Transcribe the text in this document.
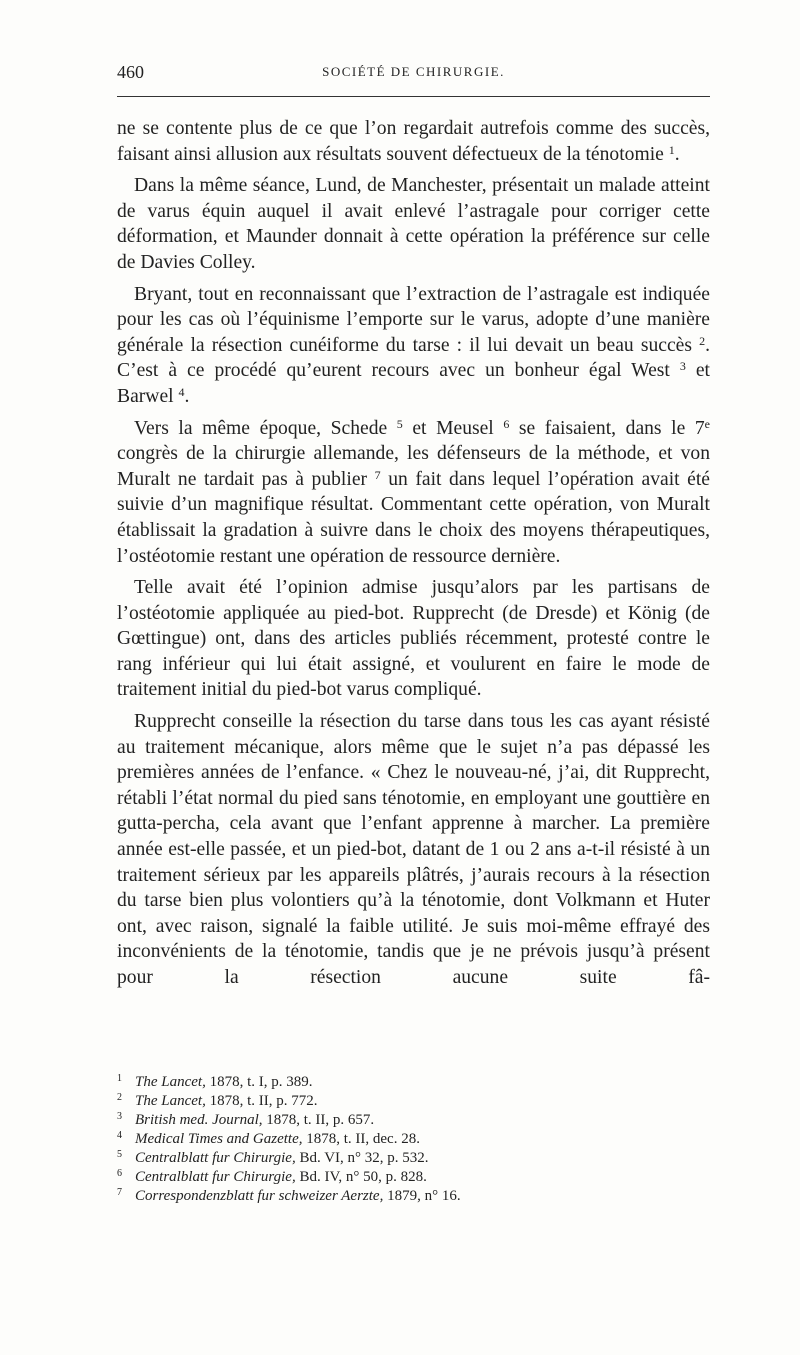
460	SOCIÉTÉ DE CHIRURGIE.

ne se contente plus de ce que l’on regardait autrefois comme des succès, faisant ainsi allusion aux résultats souvent défectueux de la ténotomie $^1$.

Dans la même séance, Lund, de Manchester, présentait un malade atteint de varus équin auquel il avait enlevé l’astragale pour corriger cette déformation, et Maunder donnait à cette opération la préférence sur celle de Davies Colley.

Bryant, tout en reconnaissant que l’extraction de l’astragale est indiquée pour les cas où l’équinisme l’emporte sur le varus, adopte d’une manière générale la résection cunéiforme du tarse : il lui devait un beau succès $^2$. C’est à ce procédé qu’eurent recours avec un bonheur égal West $^3$ et Barwel $^4$.

Vers la même époque, Schede $^5$ et Meusel $^6$ se faisaient, dans le 7e congrès de la chirurgie allemande, les défenseurs de la méthode, et von Muralt ne tardait pas à publier $^7$ un fait dans lequel l’opération avait été suivie d’un magnifique résultat. Commentant cette opération, von Muralt établissait la gradation à suivre dans le choix des moyens thérapeutiques, l’ostéotomie restant une opération de ressource dernière.

Telle avait été l’opinion admise jusqu’alors par les partisans de l’ostéotomie appliquée au pied-bot. Rupprecht (de Dresde) et König (de Gœttingue) ont, dans des articles publiés récemment, protesté contre le rang inférieur qui lui était assigné, et voulurent en faire le mode de traitement initial du pied-bot varus compliqué.

Rupprecht conseille la résection du tarse dans tous les cas ayant résisté au traitement mécanique, alors même que le sujet n’a pas dépassé les premières années de l’enfance. « Chez le nouveau-né, j’ai, dit Rupprecht, rétabli l’état normal du pied sans ténotomie, en employant une gouttière en gutta-percha, cela avant que l’enfant apprenne à marcher. La première année est-elle passée, et un pied-bot, datant de 1 ou 2 ans a-t-il résisté à un traitement sérieux par les appareils plâtrés, j’aurais recours à la résection du tarse bien plus volontiers qu’à la ténotomie, dont Volkmann et Huter ont, avec raison, signalé la faible utilité. Je suis moi-même effrayé des inconvénients de la ténotomie, tandis que je ne prévois jusqu’à présent pour la résection aucune suite fâ-

1 The Lancet, 1878, t. I, p. 389.
2 The Lancet, 1878, t. II, p. 772.
3 British med. Journal, 1878, t. II, p. 657.
4 Medical Times and Gazette, 1878, t. II, dec. 28.
5 Centralblatt fur Chirurgie, Bd. VI, n° 32, p. 532.
6 Centralblatt fur Chirurgie, Bd. IV, n° 50, p. 828.
7 Correspondenzblatt fur schweizer Aerzte, 1879, n° 16.
